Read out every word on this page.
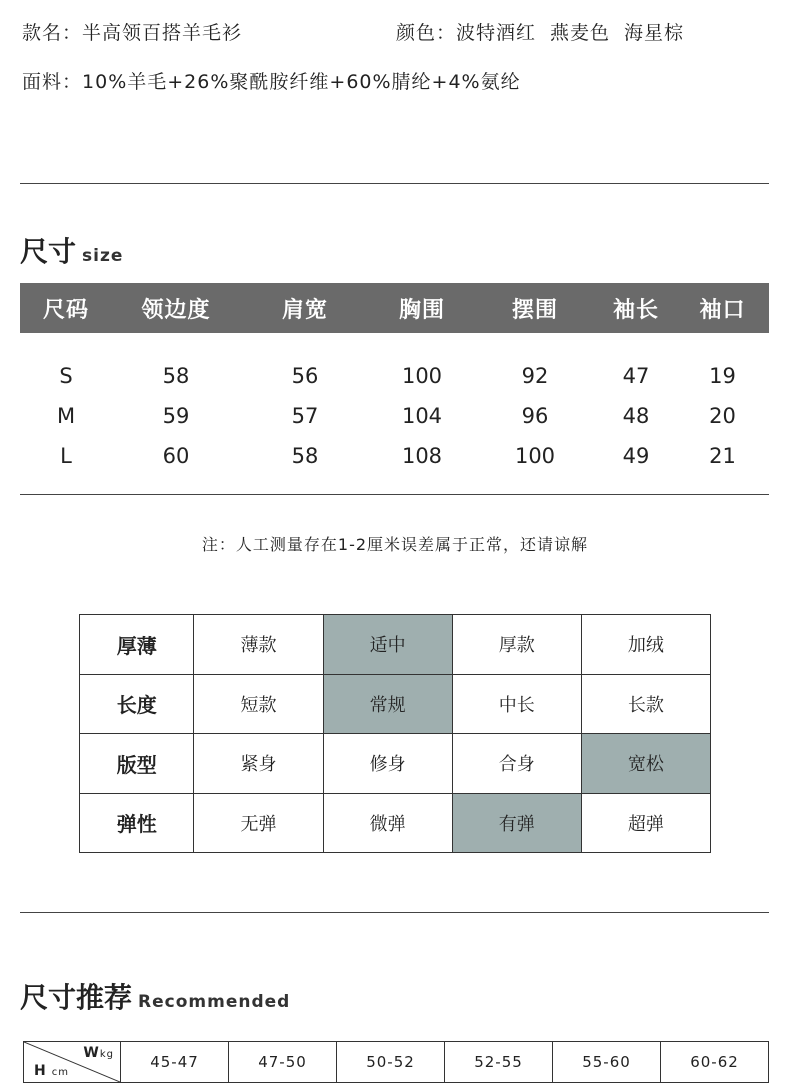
款名：半高领百搭羊毛衫	颜色：波特酒红 燕麦色 海星棕
面料：10%羊毛+26%聚酰胺纤维+60%腈纶+4%氨纶
尺寸 size
尺码	领边度	肩宽	胸围	摆围	袖长	袖口
S	58	56	100	92	47	19
M	59	57	104	96	48	20
L	60	58	108	100	49	21
注：人工测量存在1-2厘米误差属于正常，还请谅解
厚薄	薄款	适中	厚款	加绒
长度	短款	常规	中长	长款
版型	紧身	修身	合身	宽松
弹性	无弹	微弹	有弹	超弹
尺寸推荐 Recommended
H cm
Wkg	45-47	47-50	50-52	52-55	55-60	60-62
